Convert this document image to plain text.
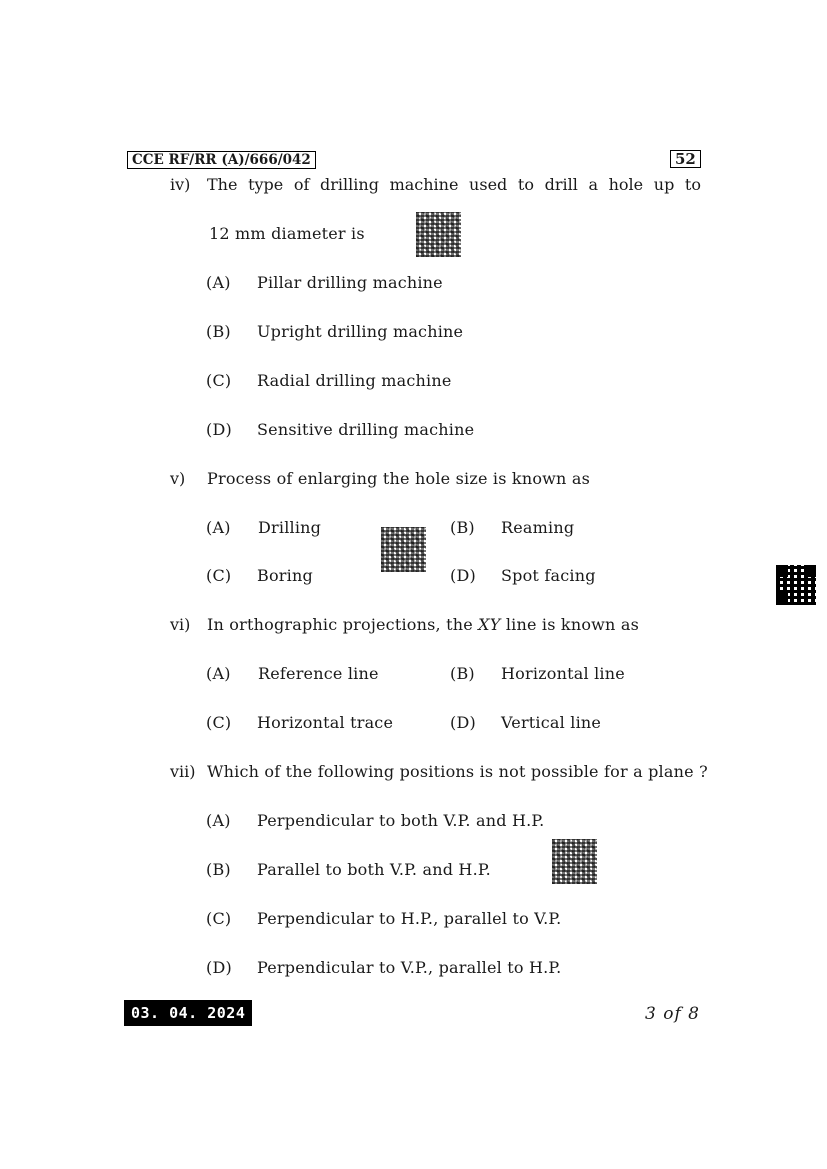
CCE RF/RR (A)/666/042	52
iv) The type of drilling machine used to drill a hole up to
12 mm diameter is
(A) Pillar drilling machine
(B) Upright drilling machine
(C) Radial drilling machine
(D) Sensitive drilling machine
v) Process of enlarging the hole size is known as
(A) Drilling	(B) Reaming
(C) Boring	(D) Spot facing
vi) In orthographic projections, the XY line is known as
(A) Reference line	(B) Horizontal line
(C) Horizontal trace	(D) Vertical line
vii) Which of the following positions is not possible for a plane ?
(A) Perpendicular to both V.P. and H.P.
(B) Parallel to both V.P. and H.P.
(C) Perpendicular to H.P., parallel to V.P.
(D) Perpendicular to V.P., parallel to H.P.
03. 04. 2024	3 of 8
